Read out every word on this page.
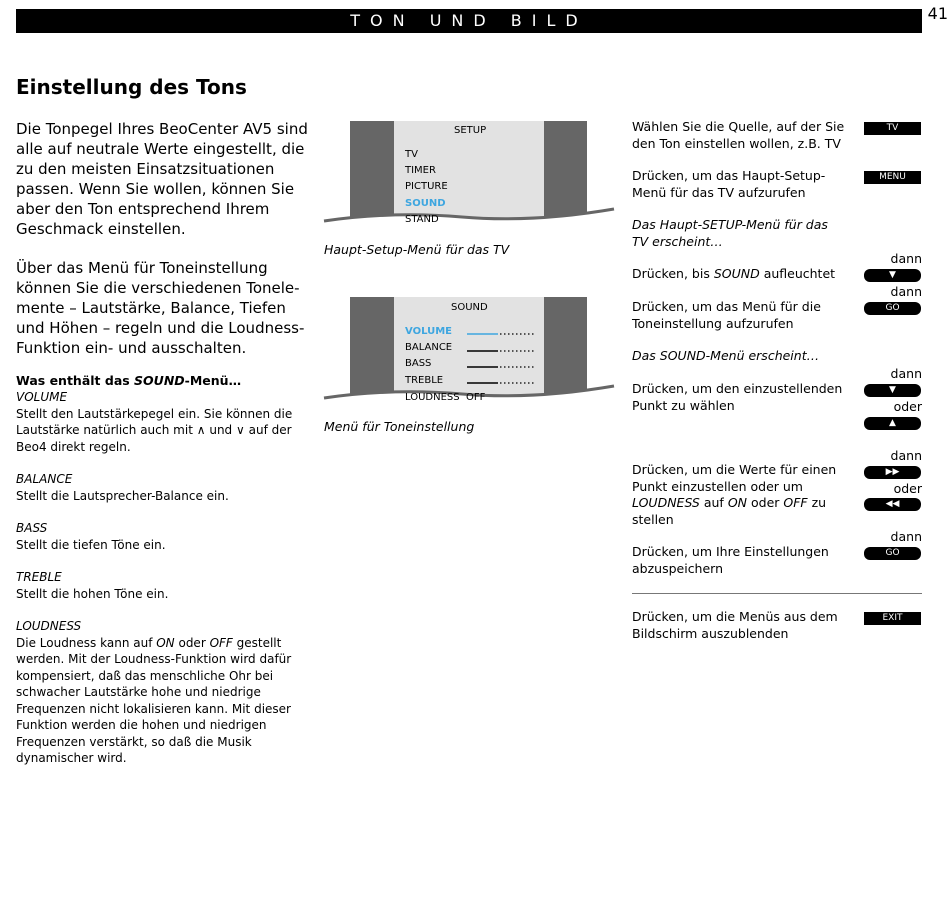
TON UND BILD	41
Einstellung des Tons
Die Tonpegel Ihres BeoCenter AV5 sind alle auf neutrale Werte eingestellt, die zu den meisten Einsatzsituationen passen. Wenn Sie wollen, können Sie aber den Ton entsprechend Ihrem Geschmack einstellen.
Über das Menü für Toneinstellung können Sie die verschiedenen Tonelemente – Lautstärke, Balance, Tiefen und Höhen – regeln und die Loudness-Funktion ein- und ausschalten.
Was enthält das SOUND-Menü…
VOLUME
Stellt den Lautstärkepegel ein. Sie können die Lautstärke natürlich auch mit ∧ und ∨ auf der Beo4 direkt regeln.
BALANCE
Stellt die Lautsprecher-Balance ein.
BASS
Stellt die tiefen Töne ein.
TREBLE
Stellt die hohen Töne ein.
LOUDNESS
Die Loudness kann auf ON oder OFF gestellt werden. Mit der Loudness-Funktion wird dafür kompensiert, daß das menschliche Ohr bei schwacher Lautstärke hohe und niedrige Frequenzen nicht lokalisieren kann. Mit dieser Funktion werden die hohen und niedrigen Frequenzen verstärkt, so daß die Musik dynamischer wird.
SETUP
TV
TIMER
PICTURE
SOUND
STAND
Haupt-Setup-Menü für das TV
SOUND
VOLUME
BALANCE
BASS
TREBLE
LOUDNESS OFF
Menü für Toneinstellung
Wählen Sie die Quelle, auf der Sie den Ton einstellen wollen, z.B. TV
TV
Drücken, um das Haupt-Setup-Menü für das TV aufzurufen
MENU
Das Haupt-SETUP-Menü für das TV erscheint…
dann
Drücken, bis SOUND aufleuchtet	▼
dann
Drücken, um das Menü für die Toneinstellung aufzurufen
GO
Das SOUND-Menü erscheint…
dann
Drücken, um den einzustellenden Punkt zu wählen
▼
oder
▲
dann
Drücken, um die Werte für einen Punkt einzustellen oder um LOUDNESS auf ON oder OFF zu stellen
▶▶
oder
◀◀
dann
Drücken, um Ihre Einstellungen abzuspeichern
GO
Drücken, um die Menüs aus dem Bildschirm auszublenden
EXIT
